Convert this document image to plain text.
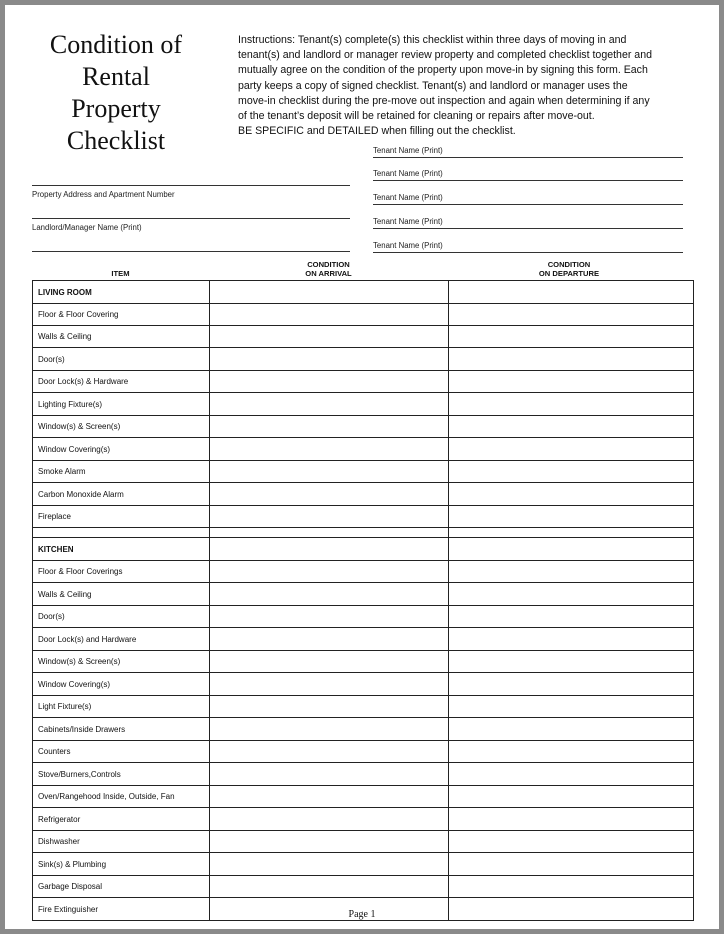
Condition of
Rental
Property
Checklist
Instructions: Tenant(s) complete(s) this checklist within three days of moving in and
tenant(s) and landlord or manager review property and completed checklist together and
mutually agree on the condition of the property upon move-in by signing this form. Each
party keeps a copy of signed checklist. Tenant(s) and landlord or manager uses the
move-in checklist during the pre-move out inspection and again when determining if any
of the tenant’s deposit will be retained for cleaning or repairs after move-out.
BE SPECIFIC and DETAILED when filling out the checklist.
Tenant Name (Print)
Tenant Name (Print)
Tenant Name (Print)
Tenant Name (Print)
Tenant Name (Print)
Property Address and Apartment Number
Landlord/Manager Name (Print)
ITEM
CONDITION
ON ARRIVAL
CONDITION
ON DEPARTURE
LIVING ROOM
Floor & Floor Covering
Walls & Ceiling
Door(s)
Door Lock(s) & Hardware
Lighting Fixture(s)
Window(s) & Screen(s)
Window Covering(s)
Smoke Alarm
Carbon Monoxide Alarm
Fireplace
KITCHEN
Floor & Floor Coverings
Walls & Ceiling
Door(s)
Door Lock(s) and Hardware
Window(s) & Screen(s)
Window Covering(s)
Light Fixture(s)
Cabinets/Inside Drawers
Counters
Stove/Burners,Controls
Oven/Rangehood Inside, Outside, Fan
Refrigerator
Dishwasher
Sink(s) & Plumbing
Garbage Disposal
Fire Extinguisher	Page 1
